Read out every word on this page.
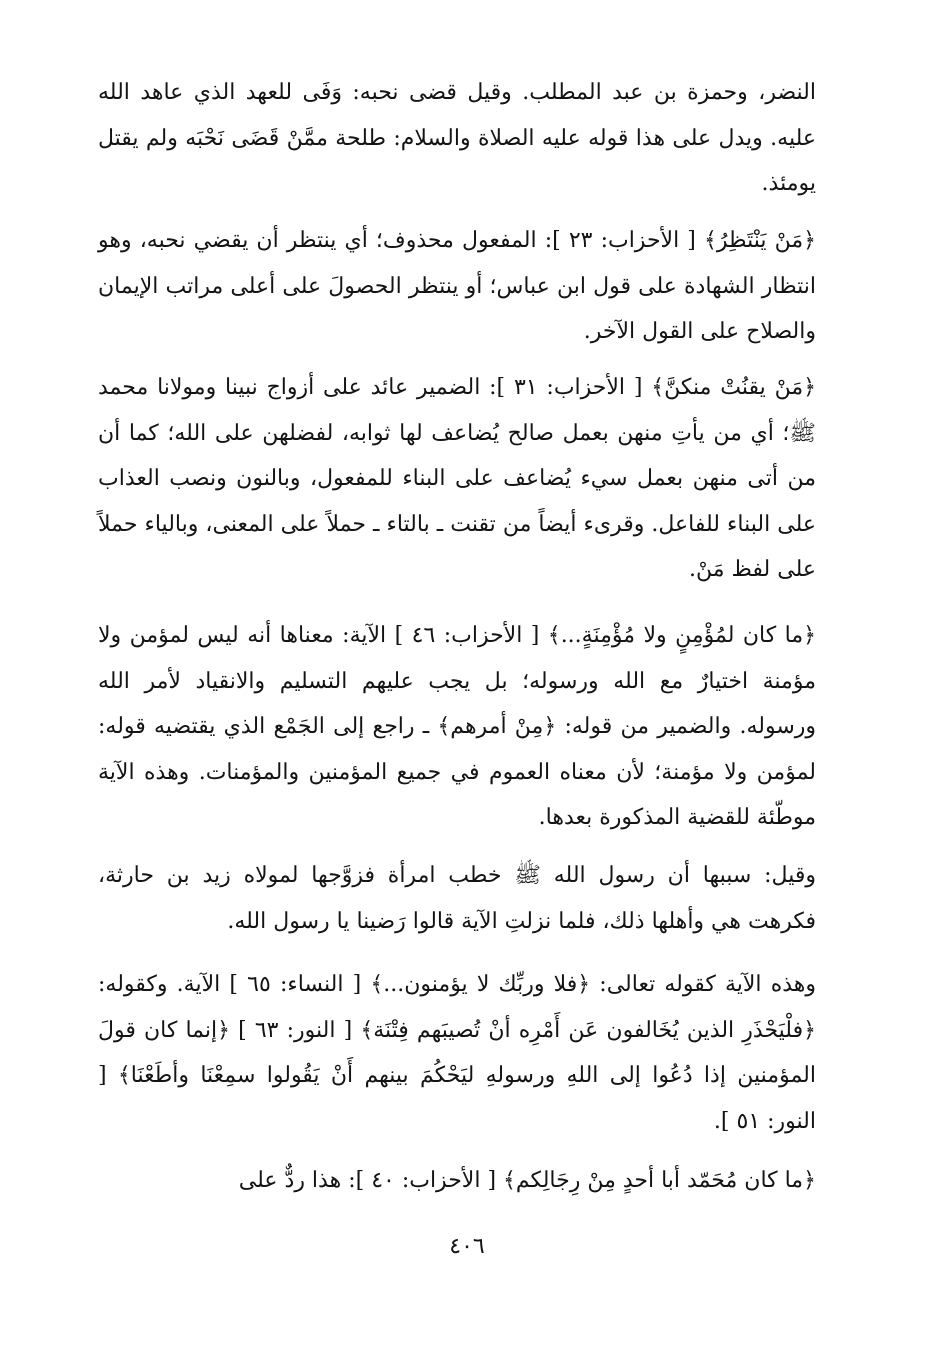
النضر، وحمزة بن عبد المطلب. وقيل قضى نحبه: وَفَى للعهد الذي عاهد الله عليه. ويدل على هذا قوله عليه الصلاة والسلام: طلحة ممَّنْ قَضَى نَحْبَه ولم يقتل يومئذ.

﴿مَنْ يَنْتَظِرُ﴾ [ الأحزاب: ٢٣ ]: المفعول محذوف؛ أي ينتظر أن يقضي نحبه، وهو انتظار الشهادة على قول ابن عباس؛ أو ينتظر الحصولَ على أعلى مراتب الإيمان والصلاح على القول الآخر.

﴿مَنْ يقنُتْ منكنَّ﴾ [ الأحزاب: ٣١ ]: الضمير عائد على أزواج نبينا ومولانا محمد ﷺ؛ أي من يأتِ منهن بعمل صالح يُضاعف لها ثوابه، لفضلهن على الله؛ كما أن من أتى منهن بعمل سيء يُضاعف على البناء للمفعول، وبالنون ونصب العذاب على البناء للفاعل. وقرىء أيضاً من تقنت ـ بالتاء ـ حملاً على المعنى، وبالياء حملاً على لفظ مَنْ.

﴿ما كان لمُؤْمِنٍ ولا مُؤْمِنَةٍ...﴾ [ الأحزاب: ٤٦ ] الآية: معناها أنه ليس لمؤمن ولا مؤمنة اختيارٌ مع الله ورسوله؛ بل يجب عليهم التسليم والانقياد لأمر الله ورسوله. والضمير من قوله: ﴿مِنْ أمرهم﴾ ـ راجع إلى الجَمْع الذي يقتضيه قوله: لمؤمن ولا مؤمنة؛ لأن معناه العموم في جميع المؤمنين والمؤمنات. وهذه الآية موطّئة للقضية المذكورة بعدها.

وقيل: سببها أن رسول الله ﷺ خطب امرأة فزوَّجها لمولاه زيد بن حارثة، فكرهت هي وأهلها ذلك، فلما نزلتِ الآية قالوا رَضينا يا رسول الله.

وهذه الآية كقوله تعالى: ﴿فلا وربِّك لا يؤمنون...﴾ [ النساء: ٦٥ ] الآية. وكقوله: ﴿فلْيَحْذَرِ الذين يُخَالفون عَن أَمْرِه أنْ تُصيبَهم فِتْنَة﴾ [ النور: ٦٣ ] ﴿إنما كان قولَ المؤمنين إذا دُعُوا إلى اللهِ ورسولهِ ليَحْكُمَ بينهم أَنْ يَقُولوا سمِعْنَا وأطَعْنَا﴾ [ النور: ٥١ ].

﴿ما كان مُحَمّد أبا أحدٍ مِنْ رِجَالِكم﴾ [ الأحزاب: ٤٠ ]: هذا ردٌّ على

٤٠٦
